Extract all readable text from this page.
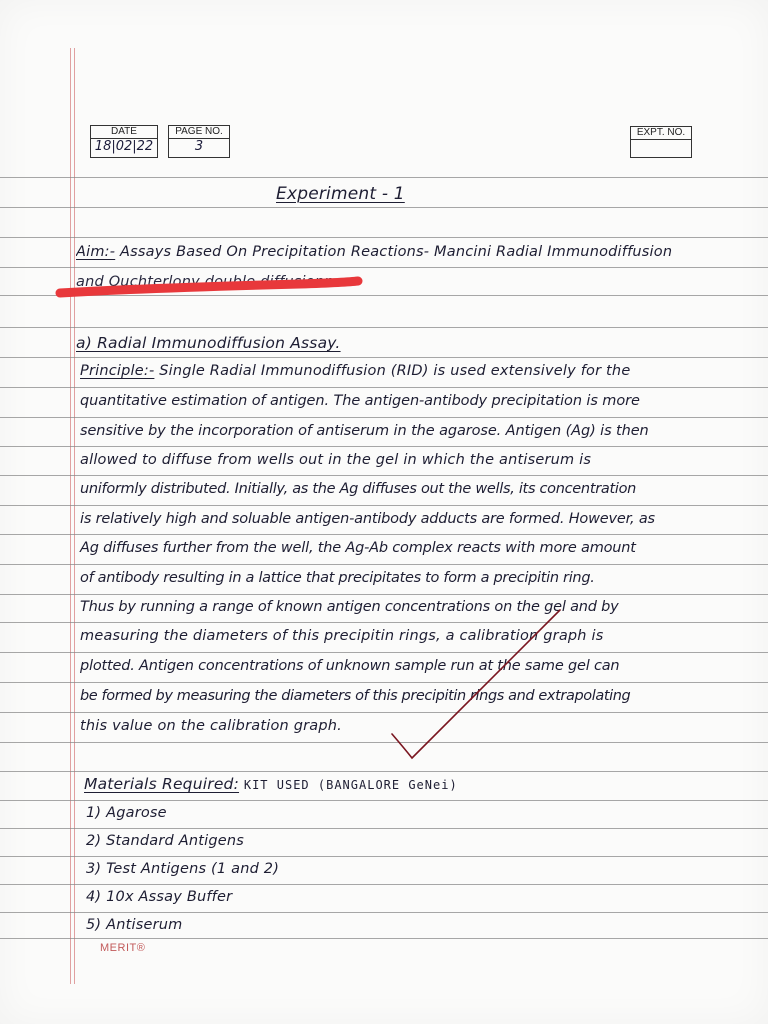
DATE
18|02|22
PAGE NO.
3
EXPT. NO.
Experiment - 1
Aim:- Assays Based On Precipitation Reactions- Mancini Radial Immunodiffusion
and Ouchterlony double diffusionn.
a) Radial Immunodiffusion Assay.
Principle:- Single Radial Immunodiffusion (RID) is used extensively for the
quantitative estimation of antigen. The antigen-antibody precipitation is more
sensitive by the incorporation of antiserum in the agarose. Antigen (Ag) is then
allowed to diffuse from wells out in the gel in which the antiserum is
uniformly distributed. Initially, as the Ag diffuses out the wells, its concentration
is relatively high and soluable antigen-antibody adducts are formed. However, as
Ag diffuses further from the well, the Ag-Ab complex reacts with more amount
of antibody resulting in a lattice that precipitates to form a precipitin ring.
Thus by running a range of known antigen concentrations on the gel and by
measuring the diameters of this precipitin rings, a calibration graph is
plotted. Antigen concentrations of unknown sample run at the same gel can
be formed by measuring the diameters of this precipitin rings and extrapolating
this value on the calibration graph.
Materials Required: KIT USED (BANGALORE GeNei)
1) Agarose
2) Standard Antigens
3) Test Antigens (1 and 2)
4) 10x Assay Buffer
5) Antiserum
MERIT®
